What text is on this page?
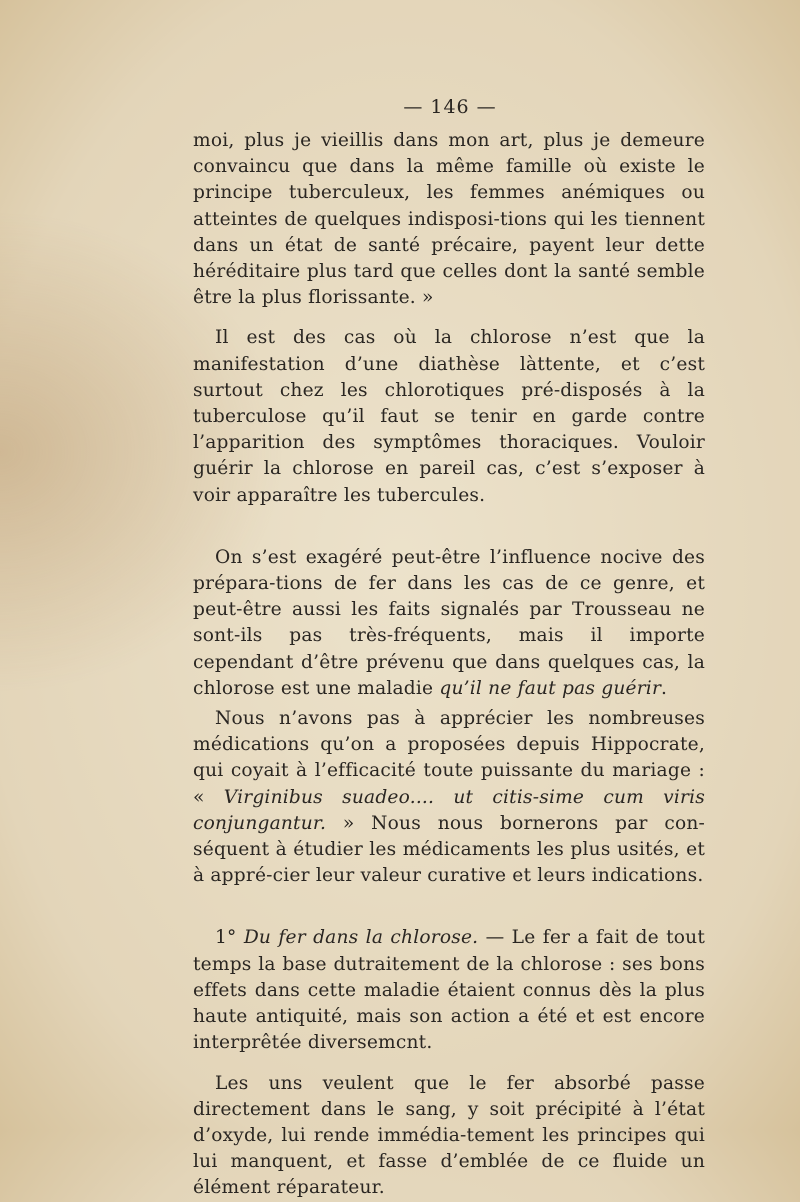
— 146 —

moi, plus je vieillis dans mon art, plus je demeure convaincu que dans la même famille où existe le principe tuberculeux, les femmes anémiques ou atteintes de quelques indisposi-tions qui les tiennent dans un état de santé précaire, payent leur dette héréditaire plus tard que celles dont la santé semble être la plus florissante. »

Il est des cas où la chlorose n’est que la manifestation d’une diathèse làttente, et c’est surtout chez les chlorotiques pré-disposés à la tuberculose qu’il faut se tenir en garde contre l’apparition des symptômes thoraciques. Vouloir guérir la chlorose en pareil cas, c’est s’exposer à voir apparaître les tubercules.

On s’est exagéré peut-être l’influence nocive des prépara-tions de fer dans les cas de ce genre, et peut-être aussi les faits signalés par Trousseau ne sont-ils pas très-fréquents, mais il importe cependant d’être prévenu que dans quelques cas, la chlorose est une maladie qu’il ne faut pas guérir.

Nous n’avons pas à apprécier les nombreuses médications qu’on a proposées depuis Hippocrate, qui coyait à l’efficacité toute puissante du mariage : « Virginibus suadeo.... ut citis-sime cum viris conjungantur. » Nous nous bornerons par con-séquent à étudier les médicaments les plus usités, et à appré-cier leur valeur curative et leurs indications.

1° Du fer dans la chlorose. — Le fer a fait de tout temps la base dutraitement de la chlorose : ses bons effets dans cette maladie étaient connus dès la plus haute antiquité, mais son action a été et est encore interprêtée diversemcnt.

Les uns veulent que le fer absorbé passe directement dans le sang, y soit précipité à l’état d’oxyde, lui rende immédia-tement les principes qui lui manquent, et fasse d’emblée de ce fluide un élément réparateur.
